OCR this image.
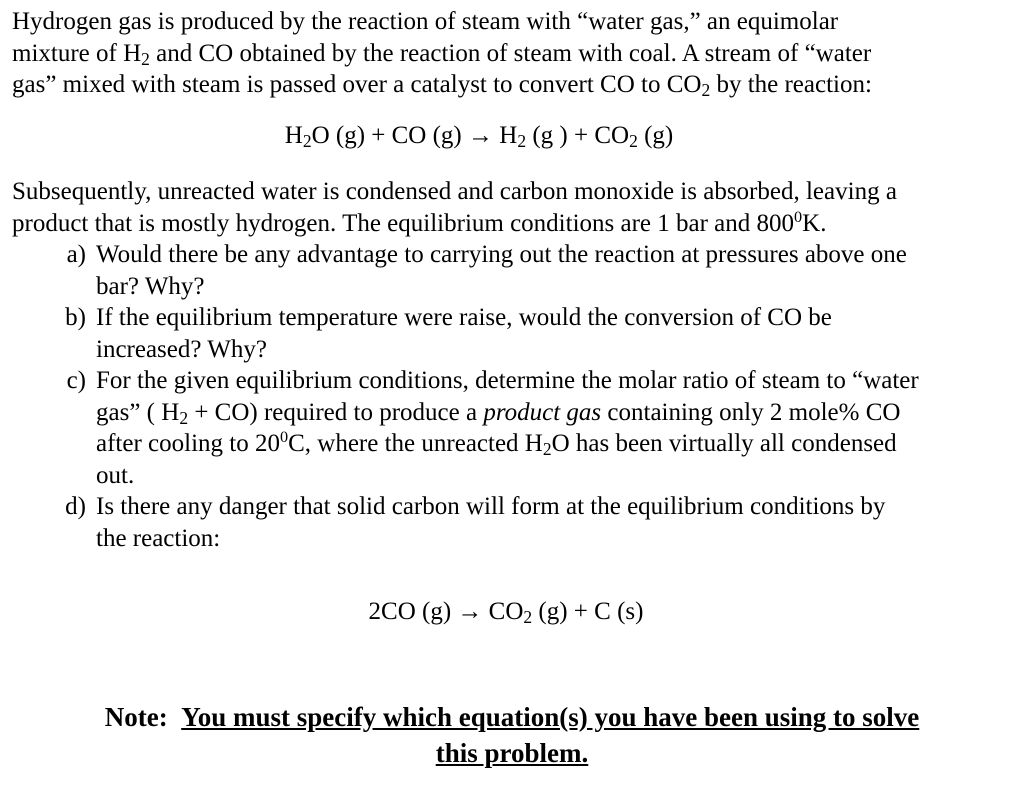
Hydrogen gas is produced by the reaction of steam with “water gas,” an equimolar
mixture of $H_2$ and CO obtained by the reaction of steam with coal. A stream of “water
gas” mixed with steam is passed over a catalyst to convert CO to $CO_2$ by the reaction:
$H_2O$ (g) + CO $(g) \to H_2$ (g ) + $CO_2$ (g)
Subsequently, unreacted water is condensed and carbon monoxide is absorbed, leaving a
product that is mostly hydrogen. The equilibrium conditions are 1 bar and $800^0K$.
a) Would there be any advantage to carrying out the reaction at pressures above one
bar? Why?
b) If the equilibrium temperature were raise, would the conversion of CO be
increased? Why?
c) For the given equilibrium conditions, determine the molar ratio of steam to “water
gas” ( $H_2 + CO$) required to produce a product gas containing only 2 mole% CO
after cooling to $20^0C$, where the unreacted $H_2O$ has been virtually all condensed
out.
d) Is there any danger that solid carbon will form at the equilibrium conditions by
the reaction:
2CO $(g) \to CO_2$ (g) + C (s)
Note: You must specify which equation(s) you have been using to solve
this problem.
